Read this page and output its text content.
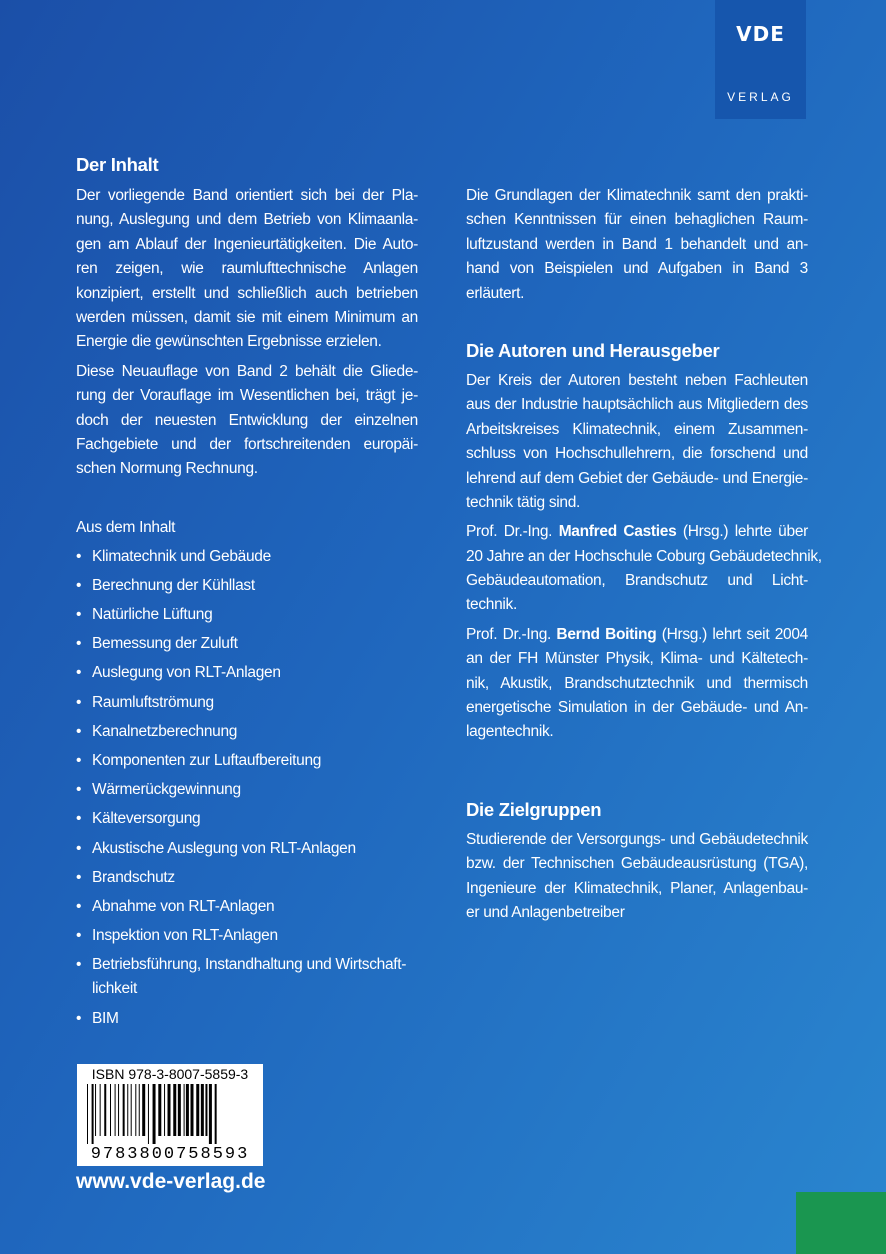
VDE
VERLAG
Der Inhalt
Der vorliegende Band orientiert sich bei der Pla-
nung, Auslegung und dem Betrieb von Klimaanla-
gen am Ablauf der Ingenieurtätigkeiten. Die Auto-
ren zeigen, wie raumlufttechnische Anlagen
konzipiert, erstellt und schließlich auch betrieben
werden müssen, damit sie mit einem Minimum an
Energie die gewünschten Ergebnisse erzielen.
Diese Neuauflage von Band 2 behält die Gliede-
rung der Vorauflage im Wesentlichen bei, trägt je-
doch der neuesten Entwicklung der einzelnen
Fachgebiete und der fortschreitenden europäi-
schen Normung Rechnung.
Aus dem Inhalt
• Klimatechnik und Gebäude
• Berechnung der Kühllast
• Natürliche Lüftung
• Bemessung der Zuluft
• Auslegung von RLT-Anlagen
• Raumluftströmung
• Kanalnetzberechnung
• Komponenten zur Luftaufbereitung
• Wärmerückgewinnung
• Kälteversorgung
• Akustische Auslegung von RLT-Anlagen
• Brandschutz
• Abnahme von RLT-Anlagen
• Inspektion von RLT-Anlagen
• Betriebsführung, Instandhaltung und Wirtschaft-
lichkeit
• BIM
Die Grundlagen der Klimatechnik samt den prakti-
schen Kenntnissen für einen behaglichen Raum-
luftzustand werden in Band 1 behandelt und an-
hand von Beispielen und Aufgaben in Band 3
erläutert.
Die Autoren und Herausgeber
Der Kreis der Autoren besteht neben Fachleuten
aus der Industrie hauptsächlich aus Mitgliedern des
Arbeitskreises Klimatechnik, einem Zusammen-
schluss von Hochschullehrern, die forschend und
lehrend auf dem Gebiet der Gebäude- und Energie-
technik tätig sind.
Prof. Dr.-Ing. Manfred Casties (Hrsg.) lehrte über
20 Jahre an der Hochschule Coburg Gebäudetechnik,
Gebäudeautomation, Brandschutz und Licht-
technik.
Prof. Dr.-Ing. Bernd Boiting (Hrsg.) lehrt seit 2004
an der FH Münster Physik, Klima- und Kältetech-
nik, Akustik, Brandschutztechnik und thermisch
energetische Simulation in der Gebäude- und An-
lagentechnik.
Die Zielgruppen
Studierende der Versorgungs- und Gebäudetechnik
bzw. der Technischen Gebäudeausrüstung (TGA),
Ingenieure der Klimatechnik, Planer, Anlagenbau-
er und Anlagenbetreiber
ISBN 978-3-8007-5859-3
9783800758593
www.vde-verlag.de
